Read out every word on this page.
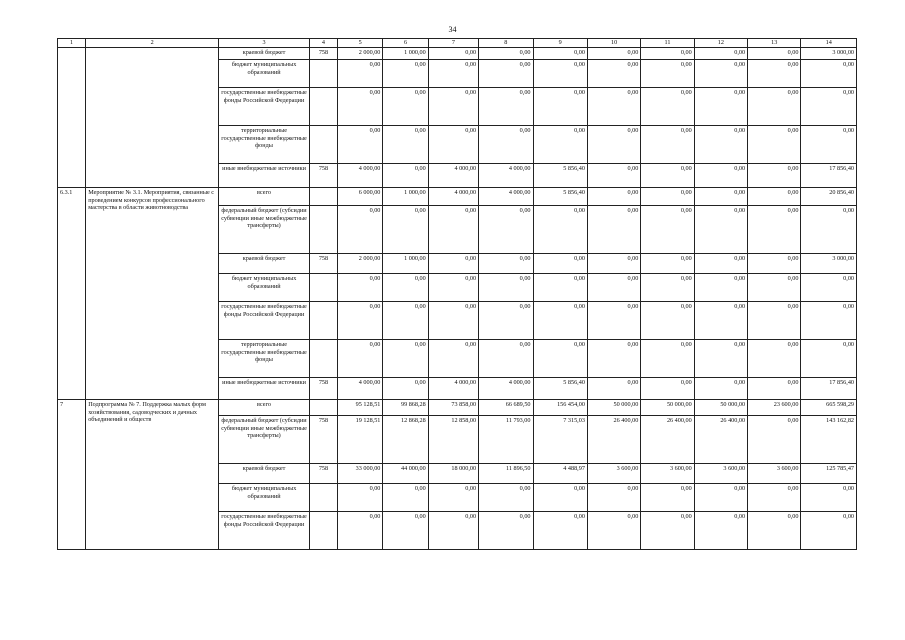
34
1	2	3	4	5	6	7	8	9	10	11	12	13	14
		краевой бюджет	758	2 000,00	1 000,00	0,00	0,00	0,00	0,00	0,00	0,00	0,00	3 000,00
		бюджет муниципальных образований		0,00	0,00	0,00	0,00	0,00	0,00	0,00	0,00	0,00	0,00
		государственные внебюджетные фонды Российской Федерации		0,00	0,00	0,00	0,00	0,00	0,00	0,00	0,00	0,00	0,00
		территориальные государственные внебюджетные фонды		0,00	0,00	0,00	0,00	0,00	0,00	0,00	0,00	0,00	0,00
		иные внебюджетные источники	758	4 000,00	0,00	4 000,00	4 000,00	5 856,40	0,00	0,00	0,00	0,00	17 856,40
6.3.1	Мероприятие № 3.1. Мероприятия, связанные с проведением конкурсов профессионального мастерства в области животноводства	всего		6 000,00	1 000,00	4 000,00	4 000,00	5 856,40	0,00	0,00	0,00	0,00	20 856,40
		федеральный бюджет (субсидии субвенции иные межбюджетные трансферты)		0,00	0,00	0,00	0,00	0,00	0,00	0,00	0,00	0,00	0,00
		краевой бюджет	758	2 000,00	1 000,00	0,00	0,00	0,00	0,00	0,00	0,00	0,00	3 000,00
		бюджет муниципальных образований		0,00	0,00	0,00	0,00	0,00	0,00	0,00	0,00	0,00	0,00
		государственные внебюджетные фонды Российской Федерации		0,00	0,00	0,00	0,00	0,00	0,00	0,00	0,00	0,00	0,00
		территориальные государственные внебюджетные фонды		0,00	0,00	0,00	0,00	0,00	0,00	0,00	0,00	0,00	0,00
		иные внебюджетные источники	758	4 000,00	0,00	4 000,00	4 000,00	5 856,40	0,00	0,00	0,00	0,00	17 856,40
7	Подпрограмма № 7. Поддержка малых форм хозяйствования, садоводческих и дачных объединений и обществ	всего		95 128,51	99 868,28	73 858,00	66 689,50	156 454,00	50 000,00	50 000,00	50 000,00	23 600,00	665 598,29
		федеральный бюджет (субсидии субвенции иные межбюджетные трансферты)	758	19 128,51	12 868,28	12 858,00	11 793,00	7 315,03	26 400,00	26 400,00	26 400,00	0,00	143 162,82
		краевой бюджет	758	33 000,00	44 000,00	18 000,00	11 896,50	4 488,97	3 600,00	3 600,00	3 600,00	3 600,00	125 785,47
		бюджет муниципальных образований		0,00	0,00	0,00	0,00	0,00	0,00	0,00	0,00	0,00	0,00
		государственные внебюджетные фонды Российской Федерации		0,00	0,00	0,00	0,00	0,00	0,00	0,00	0,00	0,00	0,00
